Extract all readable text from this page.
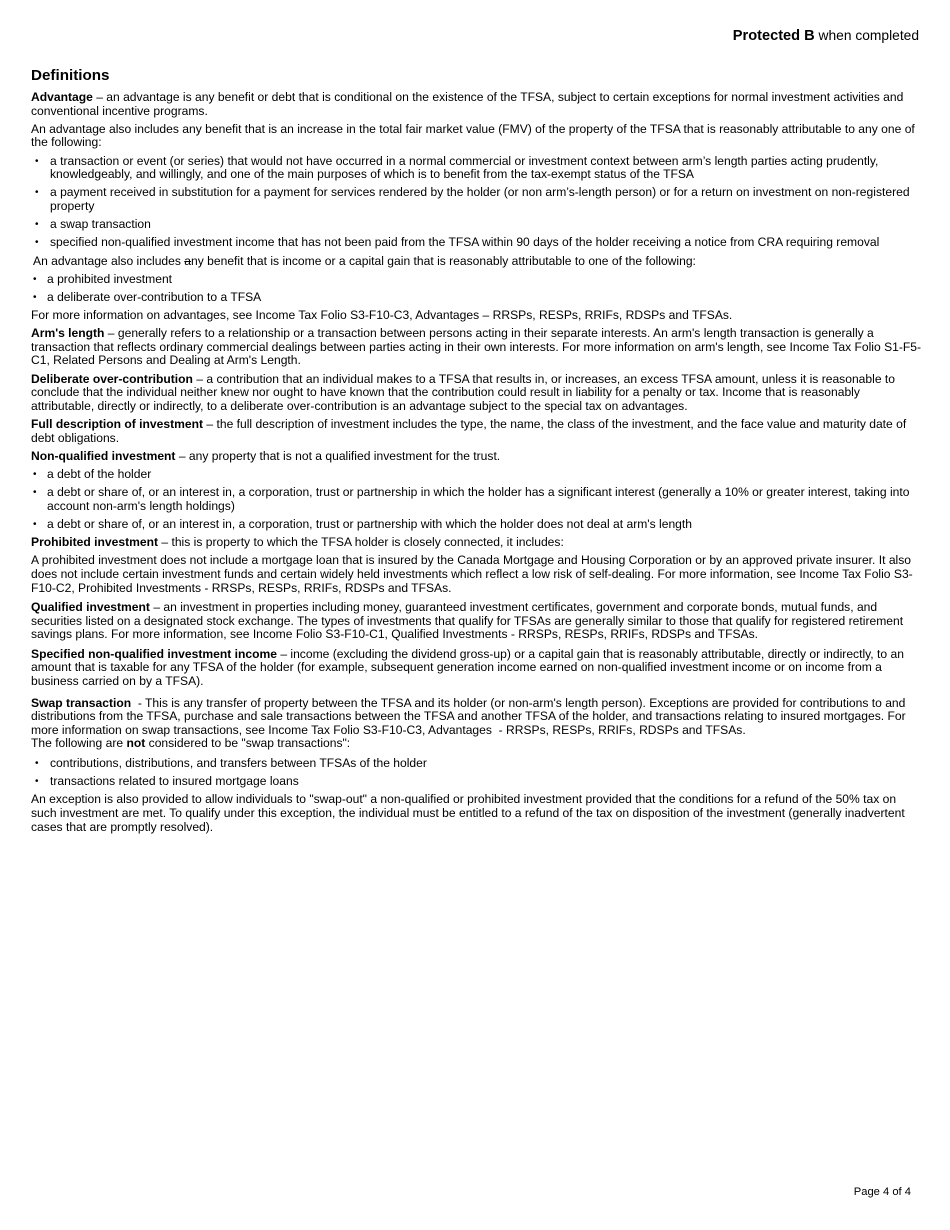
Protected B when completed
Definitions

Advantage – an advantage is any benefit or debt that is conditional on the existence of the TFSA, subject to certain exceptions for normal investment activities and conventional incentive programs.

An advantage also includes any benefit that is an increase in the total fair market value (FMV) of the property of the TFSA that is reasonably attributable to any one of the following:

• a transaction or event (or series) that would not have occurred in a normal commercial or investment context between arm’s length parties acting prudently, knowledgeably, and willingly, and one of the main purposes of which is to benefit from the tax-exempt status of the TFSA
• a payment received in substitution for a payment for services rendered by the holder (or non arm’s-length person) or for a return on investment on non-registered property
• a swap transaction
• specified non-qualified investment income that has not been paid from the TFSA within 90 days of the holder receiving a notice from CRA requiring removal

An advantage also includes any benefit that is income or a capital gain that is reasonably attributable to one of the following:

• a prohibited investment
• a deliberate over-contribution to a TFSA

For more information on advantages, see Income Tax Folio S3-F10-C3, Advantages – RRSPs, RESPs, RRIFs, RDSPs and TFSAs.

Arm's length – generally refers to a relationship or a transaction between persons acting in their separate interests. An arm's length transaction is generally a transaction that reflects ordinary commercial dealings between parties acting in their own interests. For more information on arm's length, see Income Tax Folio S1-F5-C1, Related Persons and Dealing at Arm's Length.

Deliberate over-contribution – a contribution that an individual makes to a TFSA that results in, or increases, an excess TFSA amount, unless it is reasonable to conclude that the individual neither knew nor ought to have known that the contribution could result in liability for a penalty or tax. Income that is reasonably attributable, directly or indirectly, to a deliberate over-contribution is an advantage subject to the special tax on advantages.

Full description of investment – the full description of investment includes the type, the name, the class of the investment, and the face value and maturity date of debt obligations.

Non-qualified investment – any property that is not a qualified investment for the trust.

• a debt of the holder
• a debt or share of, or an interest in, a corporation, trust or partnership in which the holder has a significant interest (generally a 10% or greater interest, taking into account non-arm's length holdings)
• a debt or share of, or an interest in, a corporation, trust or partnership with which the holder does not deal at arm's length

Prohibited investment – this is property to which the TFSA holder is closely connected, it includes:

A prohibited investment does not include a mortgage loan that is insured by the Canada Mortgage and Housing Corporation or by an approved private insurer. It also does not include certain investment funds and certain widely held investments which reflect a low risk of self-dealing. For more information, see Income Tax Folio S3-F10-C2, Prohibited Investments - RRSPs, RESPs, RRIFs, RDSPs and TFSAs.

Qualified investment – an investment in properties including money, guaranteed investment certificates, government and corporate bonds, mutual funds, and securities listed on a designated stock exchange. The types of investments that qualify for TFSAs are generally similar to those that qualify for registered retirement savings plans. For more information, see Income Folio S3-F10-C1, Qualified Investments - RRSPs, RESPs, RRIFs, RDSPs and TFSAs.

Specified non-qualified investment income – income (excluding the dividend gross-up) or a capital gain that is reasonably attributable, directly or indirectly, to an amount that is taxable for any TFSA of the holder (for example, subsequent generation income earned on non-qualified investment income or on income from a business carried on by a TFSA).

Swap transaction  - This is any transfer of property between the TFSA and its holder (or non-arm's length person). Exceptions are provided for contributions to and distributions from the TFSA, purchase and sale transactions between the TFSA and another TFSA of the holder, and transactions relating to insured mortgages. For more information on swap transactions, see Income Tax Folio S3-F10-C3, Advantages  - RRSPs, RESPs, RRIFs, RDSPs and TFSAs.

The following are not considered to be "swap transactions":

• contributions, distributions, and transfers between TFSAs of the holder
• transactions related to insured mortgage loans

An exception is also provided to allow individuals to "swap-out" a non-qualified or prohibited investment provided that the conditions for a refund of the 50% tax on such investment are met. To qualify under this exception, the individual must be entitled to a refund of the tax on disposition of the investment (generally inadvertent cases that are promptly resolved).

Page 4 of 4
